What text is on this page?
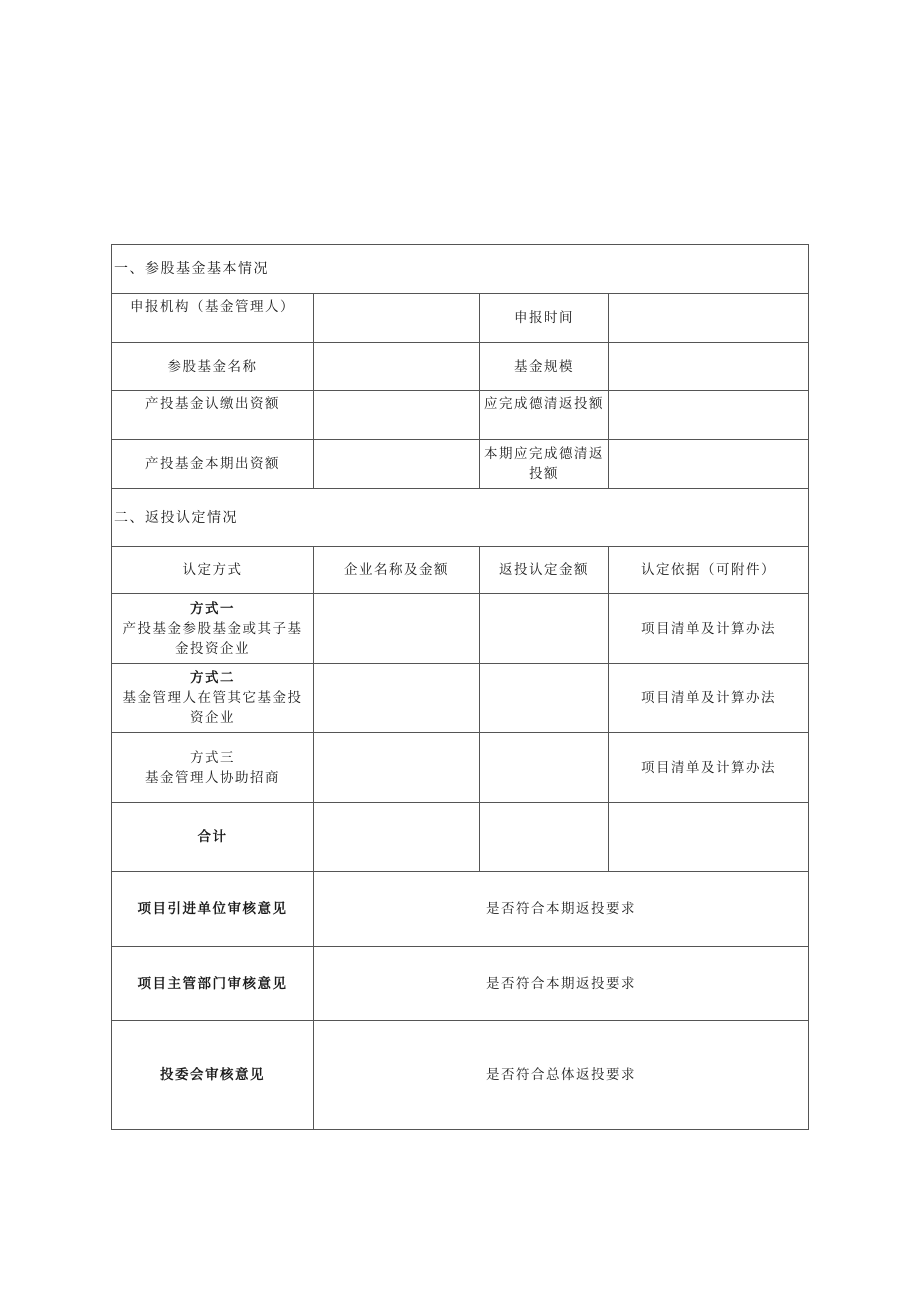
一、参股基金基本情况			
申报机构（基金管理人）		申报时间	
参股基金名称		基金规模	
产投基金认缴出资额		应完成德清返投额	
产投基金本期出资额		本期应完成德清返
投额	

二、返投认定情况			
认定方式	企业名称及金额	返投认定金额	认定依据（可附件）

方式一
产投基金参股基金或其子基
金投资企业			项目清单及计算办法

方式二
基金管理人在管其它基金投
资企业			项目清单及计算办法

方式三
基金管理人协助招商			项目清单及计算办法
合计			
项目引进单位审核意见	是否符合本期返投要求		
项目主管部门审核意见	是否符合本期返投要求		
投委会审核意见	是否符合总体返投要求		
